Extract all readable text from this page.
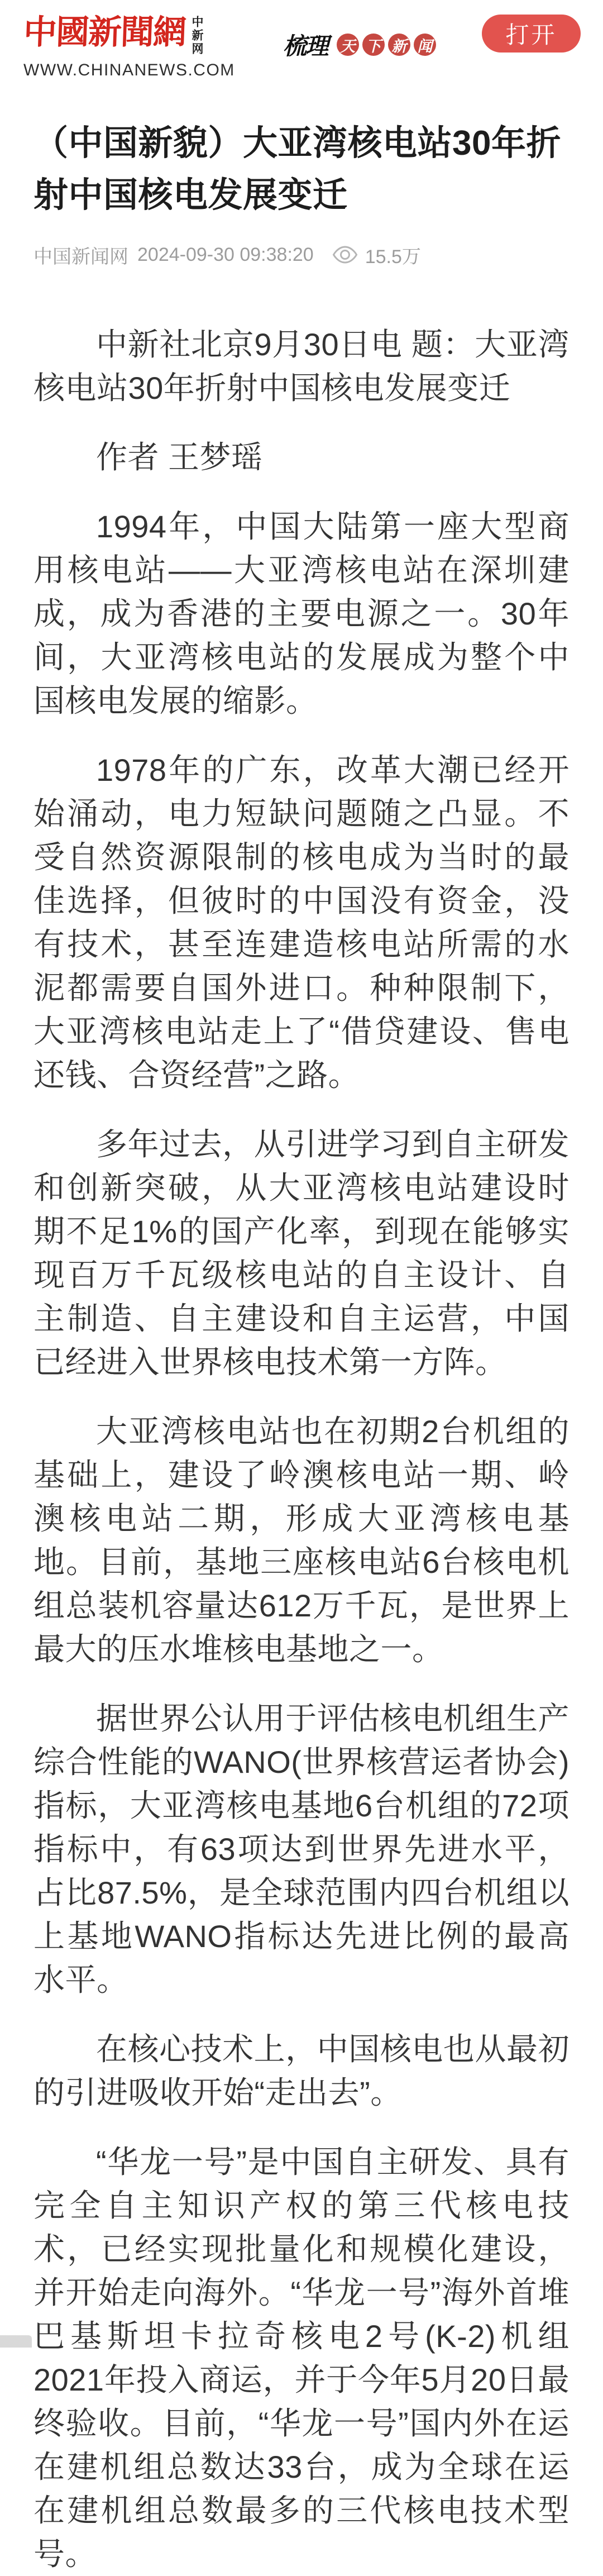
中國新聞網 中新网
WWW.CHINANEWS.COM
梳理 天 下 新 闻	打开
（中国新貌）大亚湾核电站30年折射中国核电发展变迁
中国新闻网 2024-09-30 09:38:20	15.5万

中新社北京9月30日电 题：大亚湾核电站30年折射中国核电发展变迁

作者 王梦瑶

1994年，中国大陆第一座大型商用核电站——大亚湾核电站在深圳建成，成为香港的主要电源之一。30年间，大亚湾核电站的发展成为整个中国核电发展的缩影。

1978年的广东，改革大潮已经开始涌动，电力短缺问题随之凸显。不受自然资源限制的核电成为当时的最佳选择，但彼时的中国没有资金，没有技术，甚至连建造核电站所需的水泥都需要自国外进口。种种限制下，大亚湾核电站走上了“借贷建设、售电还钱、合资经营”之路。

多年过去，从引进学习到自主研发和创新突破，从大亚湾核电站建设时期不足1%的国产化率，到现在能够实现百万千瓦级核电站的自主设计、自主制造、自主建设和自主运营，中国已经进入世界核电技术第一方阵。

大亚湾核电站也在初期2台机组的基础上，建设了岭澳核电站一期、岭澳核电站二期，形成大亚湾核电基地。目前，基地三座核电站6台核电机组总装机容量达612万千瓦，是世界上最大的压水堆核电基地之一。

据世界公认用于评估核电机组生产综合性能的WANO(世界核营运者协会)指标，大亚湾核电基地6台机组的72项指标中，有63项达到世界先进水平，占比87.5%，是全球范围内四台机组以上基地WANO指标达先进比例的最高水平。

在核心技术上，中国核电也从最初的引进吸收开始“走出去”。

“华龙一号”是中国自主研发、具有完全自主知识产权的第三代核电技术，已经实现批量化和规模化建设，并开始走向海外。“华龙一号”海外首堆巴基斯坦卡拉奇核电2号(K-2)机组2021年投入商运，并于今年5月20日最终验收。目前，“华龙一号”国内外在运在建机组总数达33台，成为全球在运在建机组总数最多的三代核电技术型号。
